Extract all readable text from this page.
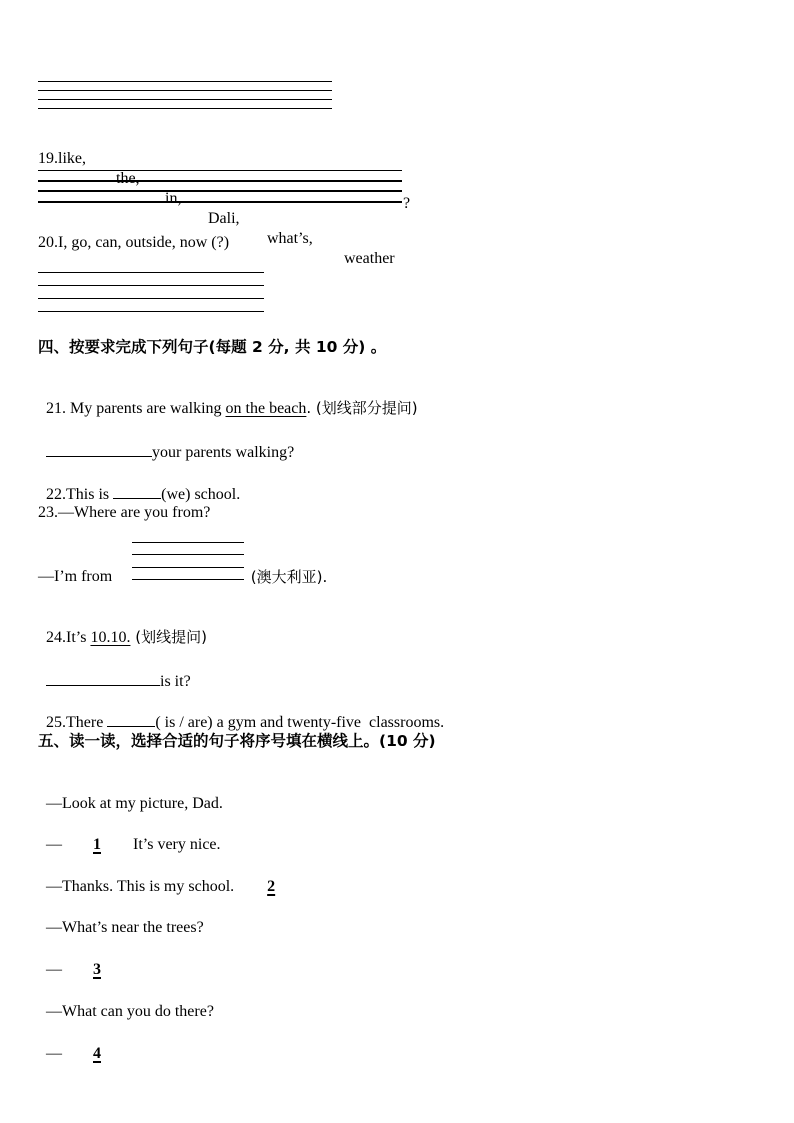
19.like,

the,

in,

Dali,

what’s,

weather

?
20.I, go, can, outside, now (?)
四、按要求完成下列句子(每题 2 分, 共 10 分) 。

21. My parents are walking on the beach. (划线部分提问)

your parents walking?

22.This is	(we) school.

23.—Where are you from?
—I’m from	(澳大利亚).

24.It’s 10.10. (划线提问)

is it?

25.There	( is / are) a gym and twenty-five  classrooms.

五、读一读，选择合适的句子将序号填在横线上。(10 分)

—Look at my picture, Dad.

— 1 It’s very nice.

—Thanks. This is my school. 2

—What’s near the trees?

— 3

—What can you do there?

— 4
